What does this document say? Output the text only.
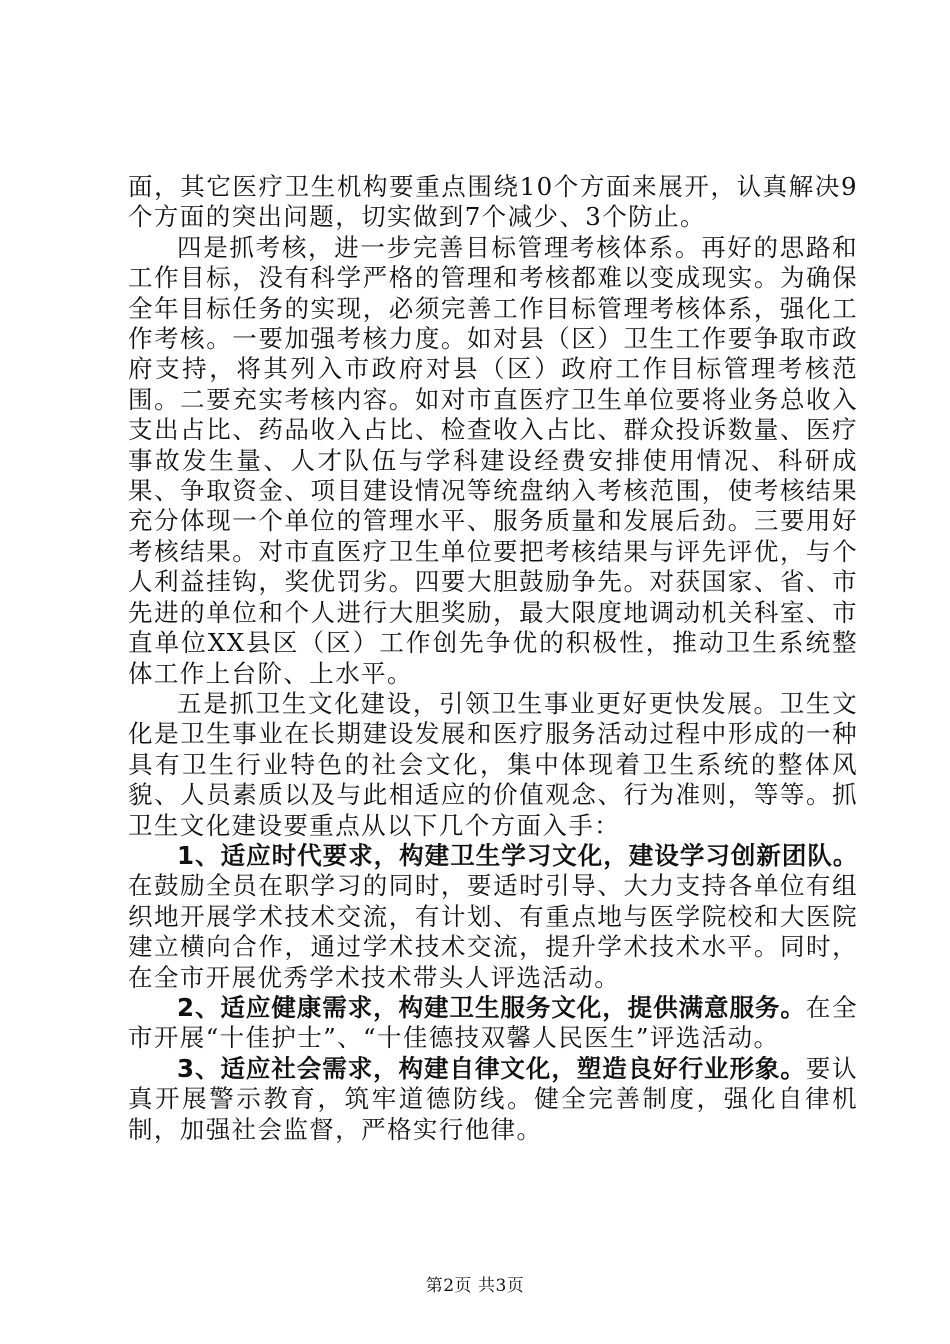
面，其它医疗卫生机构要重点围绕10个方面来展开，认真解决9个方面的突出问题，切实做到7个减少、3个防止。

四是抓考核，进一步完善目标管理考核体系。再好的思路和工作目标，没有科学严格的管理和考核都难以变成现实。为确保全年目标任务的实现，必须完善工作目标管理考核体系，强化工作考核。一要加强考核力度。如对县（区）卫生工作要争取市政府支持，将其列入市政府对县（区）政府工作目标管理考核范围。二要充实考核内容。如对市直医疗卫生单位要将业务总收入支出占比、药品收入占比、检查收入占比、群众投诉数量、医疗事故发生量、人才队伍与学科建设经费安排使用情况、科研成果、争取资金、项目建设情况等统盘纳入考核范围，使考核结果充分体现一个单位的管理水平、服务质量和发展后劲。三要用好考核结果。对市直医疗卫生单位要把考核结果与评先评优，与个人利益挂钩，奖优罚劣。四要大胆鼓励争先。对获国家、省、市先进的单位和个人进行大胆奖励，最大限度地调动机关科室、市直单位XX县区（区）工作创先争优的积极性，推动卫生系统整体工作上台阶、上水平。

五是抓卫生文化建设，引领卫生事业更好更快发展。卫生文化是卫生事业在长期建设发展和医疗服务活动过程中形成的一种具有卫生行业特色的社会文化，集中体现着卫生系统的整体风貌、人员素质以及与此相适应的价值观念、行为准则，等等。抓卫生文化建设要重点从以下几个方面入手：

1、适应时代要求，构建卫生学习文化，建设学习创新团队。在鼓励全员在职学习的同时，要适时引导、大力支持各单位有组织地开展学术技术交流，有计划、有重点地与医学院校和大医院建立横向合作，通过学术技术交流，提升学术技术水平。同时，在全市开展优秀学术技术带头人评选活动。

2、适应健康需求，构建卫生服务文化，提供满意服务。在全市开展“十佳护士”、“十佳德技双馨人民医生”评选活动。

3、适应社会需求，构建自律文化，塑造良好行业形象。要认真开展警示教育，筑牢道德防线。健全完善制度，强化自律机制，加强社会监督，严格实行他律。

第2页 共3页
